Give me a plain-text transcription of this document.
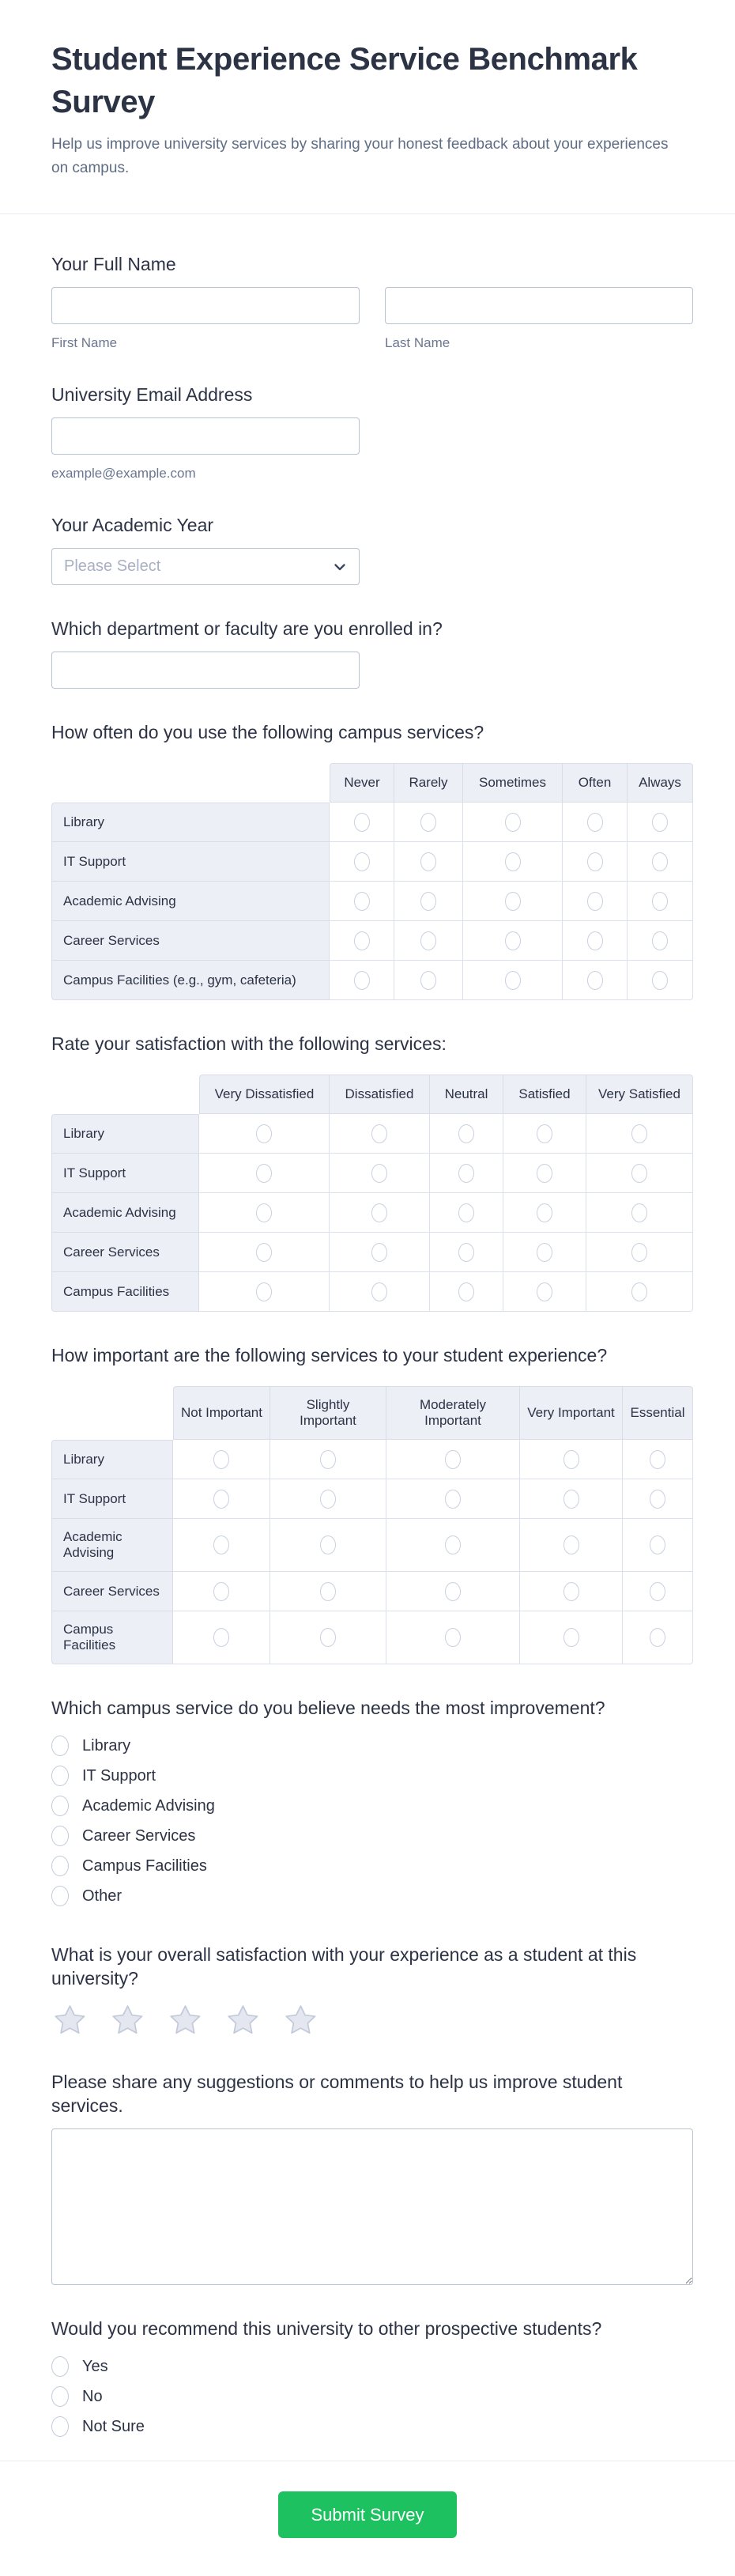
Student Experience Service Benchmark Survey

Help us improve university services by sharing your honest feedback about your experiences on campus.

Your Full Name
First Name	Last Name
University Email Address
example@example.com
Your Academic Year
Please Select
Which department or faculty are you enrolled in?
How often do you use the following campus services?
	Never	Rarely	Sometimes	Often	Always
Library					
IT Support					
Academic Advising					
Career Services					
Campus Facilities (e.g., gym, cafeteria)					
Rate your satisfaction with the following services:
	Very Dissatisfied	Dissatisfied	Neutral	Satisfied	Very Satisfied
Library					
IT Support					
Academic Advising					
Career Services					
Campus Facilities					
How important are the following services to your student experience?
	Not Important	Slightly Important	Moderately Important	Very Important	Essential
Library					
IT Support					
Academic Advising					
Career Services					
Campus Facilities					
Which campus service do you believe needs the most improvement?
Library
IT Support
Academic Advising
Career Services
Campus Facilities
Other
What is your overall satisfaction with your experience as a student at this university?
Please share any suggestions or comments to help us improve student services.
Would you recommend this university to other prospective students?
Yes
No
Not Sure
Submit Survey
